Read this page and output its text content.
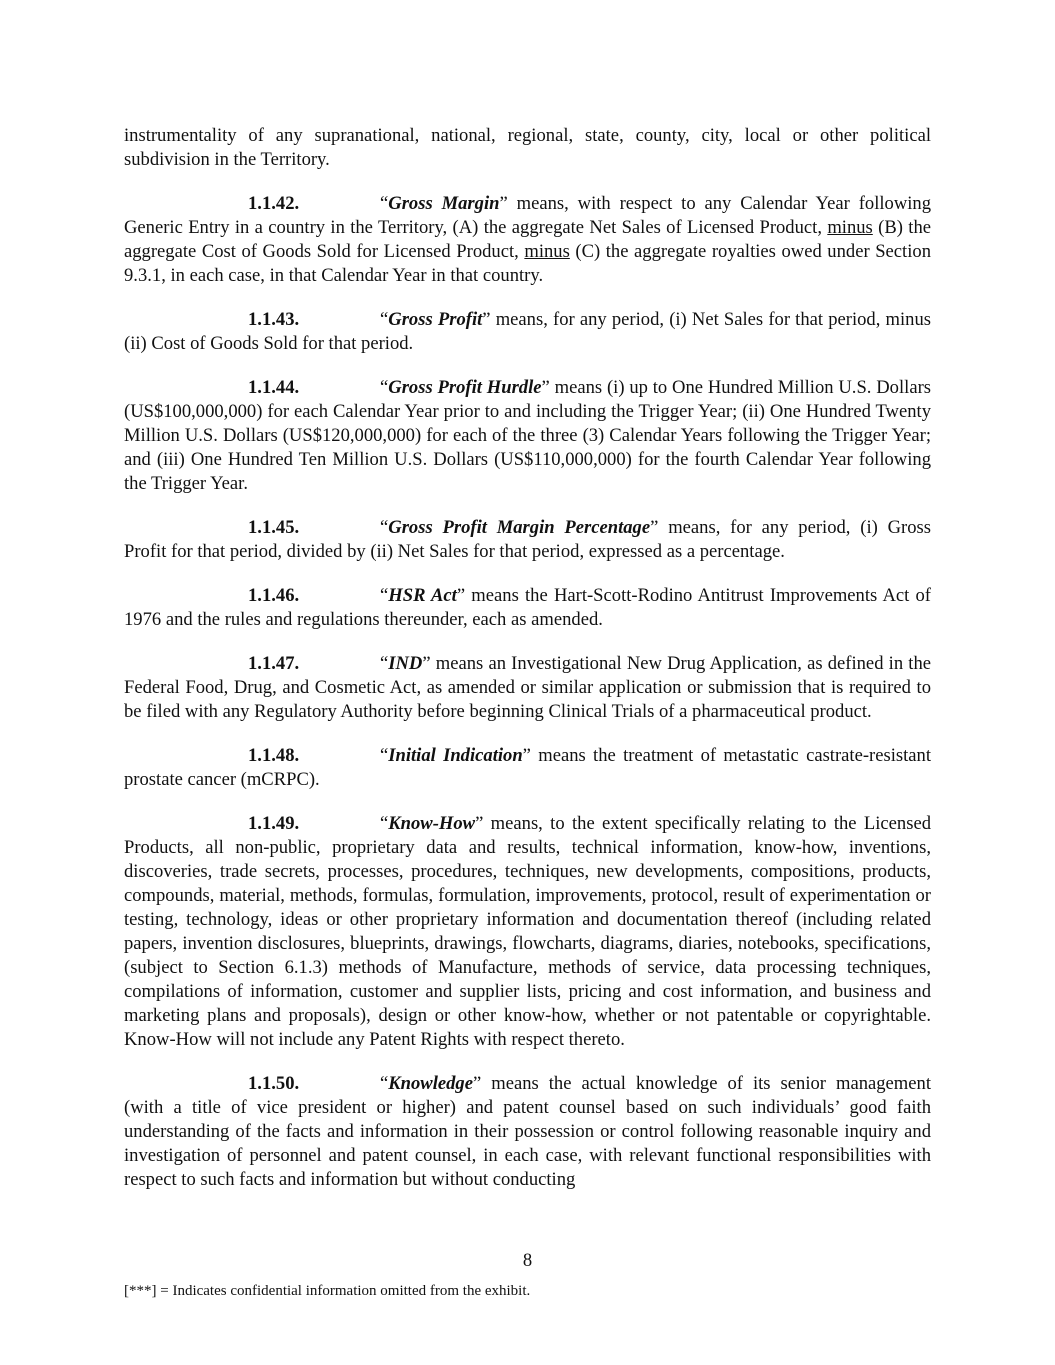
instrumentality of any supranational, national, regional, state, county, city, local or other political subdivision in the Territory.

1.1.42.	“Gross Margin” means, with respect to any Calendar Year following Generic Entry in a country in the Territory, (A) the aggregate Net Sales of Licensed Product, minus (B) the aggregate Cost of Goods Sold for Licensed Product, minus (C) the aggregate royalties owed under Section 9.3.1, in each case, in that Calendar Year in that country.

1.1.43.	“Gross Profit” means, for any period, (i) Net Sales for that period, minus (ii) Cost of Goods Sold for that period.

1.1.44.	“Gross Profit Hurdle” means (i) up to One Hundred Million U.S. Dollars (US$100,000,000) for each Calendar Year prior to and including the Trigger Year; (ii) One Hundred Twenty Million U.S. Dollars (US$120,000,000) for each of the three (3) Calendar Years following the Trigger Year; and (iii) One Hundred Ten Million U.S. Dollars (US$110,000,000) for the fourth Calendar Year following the Trigger Year.

1.1.45.	“Gross Profit Margin Percentage” means, for any period, (i) Gross Profit for that period, divided by (ii) Net Sales for that period, expressed as a percentage.

1.1.46.	“HSR Act” means the Hart-Scott-Rodino Antitrust Improvements Act of 1976 and the rules and regulations thereunder, each as amended.

1.1.47.	“IND” means an Investigational New Drug Application, as defined in the Federal Food, Drug, and Cosmetic Act, as amended or similar application or submission that is required to be filed with any Regulatory Authority before beginning Clinical Trials of a pharmaceutical product.

1.1.48.	“Initial Indication” means the treatment of metastatic castrate-resistant prostate cancer (mCRPC).

1.1.49.	“Know-How” means, to the extent specifically relating to the Licensed Products, all non-public, proprietary data and results, technical information, know-how, inventions, discoveries, trade secrets, processes, procedures, techniques, new developments, compositions, products, compounds, material, methods, formulas, formulation, improvements, protocol, result of experimentation or testing, technology, ideas or other proprietary information and documentation thereof (including related papers, invention disclosures, blueprints, drawings, flowcharts, diagrams, diaries, notebooks, specifications, (subject to Section 6.1.3) methods of Manufacture, methods of service, data processing techniques, compilations of information, customer and supplier lists, pricing and cost information, and business and marketing plans and proposals), design or other know-how, whether or not patentable or copyrightable. Know-How will not include any Patent Rights with respect thereto.

1.1.50.	“Knowledge” means the actual knowledge of its senior management (with a title of vice president or higher) and patent counsel based on such individuals’ good faith understanding of the facts and information in their possession or control following reasonable inquiry and investigation of personnel and patent counsel, in each case, with relevant functional responsibilities with respect to such facts and information but without conducting

8
[***] = Indicates confidential information omitted from the exhibit.
